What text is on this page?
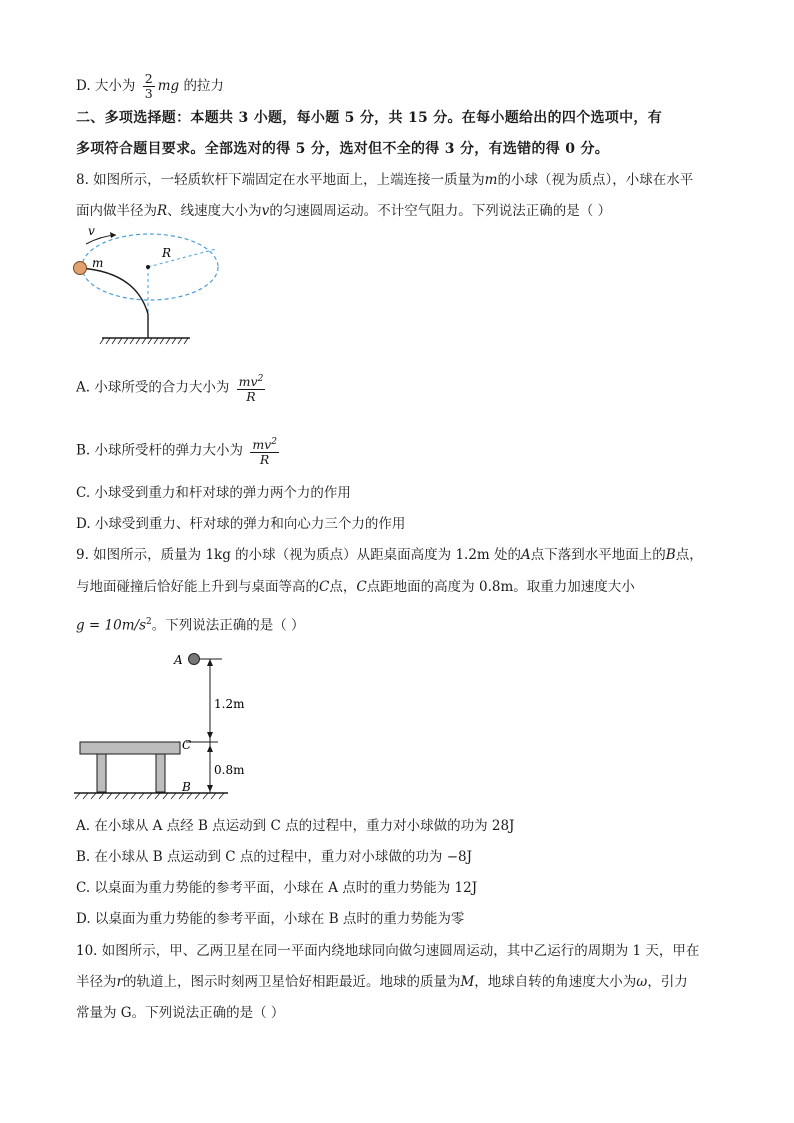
D. 大小为 $\frac{2}{3}$ mg 的拉力
二、多项选择题：本题共 3 小题，每小题 5 分，共 15 分。在每小题给出的四个选项中，有
多项符合题目要求。全部选对的得 5 分，选对但不全的得 3 分，有选错的得 0 分。
8. 如图所示，一轻质软杆下端固定在水平地面上，上端连接一质量为m的小球（视为质点），小球在水平
面内做半径为R、线速度大小为v的匀速圆周运动。不计空气阻力。下列说法正确的是（ ）
v
m
R
A. 小球所受的合力大小为 $\frac{mv^2}{R}$
B. 小球所受杆的弹力大小为 $\frac{mv^2}{R}$
C. 小球受到重力和杆对球的弹力两个力的作用
D. 小球受到重力、杆对球的弹力和向心力三个力的作用
9. 如图所示，质量为 1kg 的小球（视为质点）从距桌面高度为 1.2m 处的A点下落到水平地面上的B点，
与地面碰撞后恰好能上升到与桌面等高的C点，C点距地面的高度为 0.8m。取重力加速度大小
$g = 10m/s^2$。下列说法正确的是（ ）
A
1.2m
C
0.8m
B
A. 在小球从 A 点经 B 点运动到 C 点的过程中，重力对小球做的功为 28J
B. 在小球从 B 点运动到 C 点的过程中，重力对小球做的功为 −8J
C. 以桌面为重力势能的参考平面，小球在 A 点时的重力势能为 12J
D. 以桌面为重力势能的参考平面，小球在 B 点时的重力势能为零
10. 如图所示，甲、乙两卫星在同一平面内绕地球同向做匀速圆周运动，其中乙运行的周期为 1 天，甲在
半径为r的轨道上，图示时刻两卫星恰好相距最近。地球的质量为M，地球自转的角速度大小为ω，引力
常量为 G。下列说法正确的是（ ）
